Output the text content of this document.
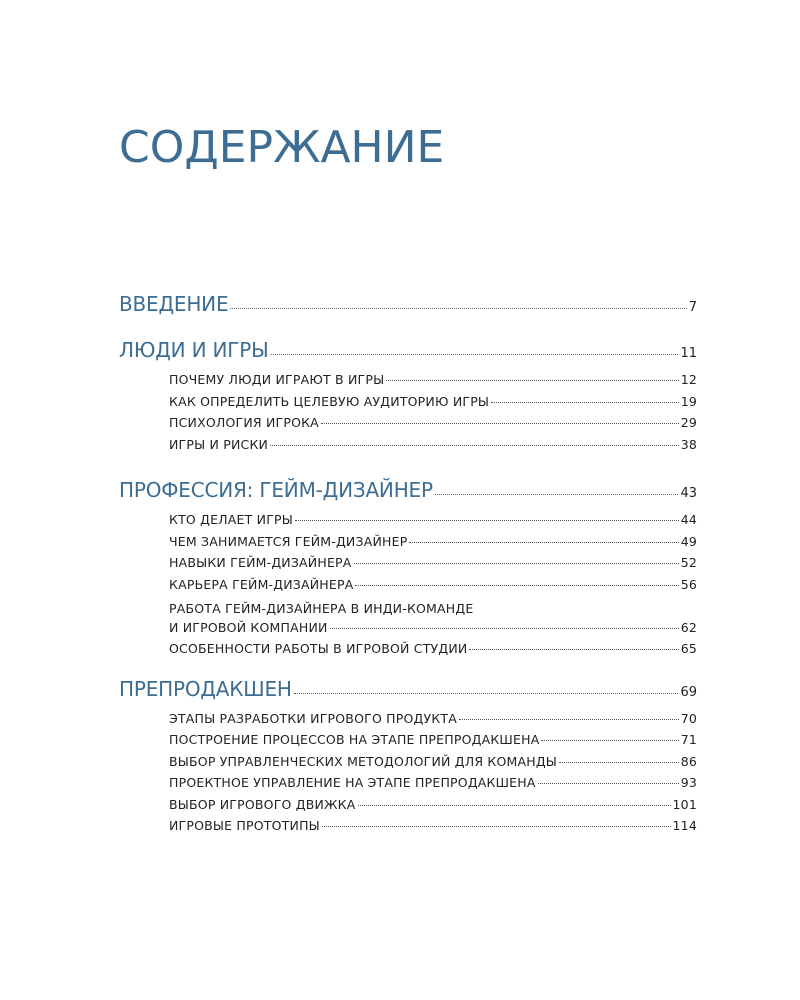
СОДЕРЖАНИЕ
ВВЕДЕНИЕ	7
ЛЮДИ И ИГРЫ	11
ПОЧЕМУ ЛЮДИ ИГРАЮТ В ИГРЫ	12
КАК ОПРЕДЕЛИТЬ ЦЕЛЕВУЮ АУДИТОРИЮ ИГРЫ	19
ПСИХОЛОГИЯ ИГРОКА	29
ИГРЫ И РИСКИ	38
ПРОФЕССИЯ: ГЕЙМ-ДИЗАЙНЕР	43
КТО ДЕЛАЕТ ИГРЫ	44
ЧЕМ ЗАНИМАЕТСЯ ГЕЙМ-ДИЗАЙНЕР	49
НАВЫКИ ГЕЙМ-ДИЗАЙНЕРА	52
КАРЬЕРА ГЕЙМ-ДИЗАЙНЕРА	56
РАБОТА ГЕЙМ-ДИЗАЙНЕРА В ИНДИ-КОМАНДЕ
И ИГРОВОЙ КОМПАНИИ	62
ОСОБЕННОСТИ РАБОТЫ В ИГРОВОЙ СТУДИИ	65
ПРЕПРОДАКШЕН	69
ЭТАПЫ РАЗРАБОТКИ ИГРОВОГО ПРОДУКТА	70
ПОСТРОЕНИЕ ПРОЦЕССОВ НА ЭТАПЕ ПРЕПРОДАКШЕНА	71
ВЫБОР УПРАВЛЕНЧЕСКИХ МЕТОДОЛОГИЙ ДЛЯ КОМАНДЫ	86
ПРОЕКТНОЕ УПРАВЛЕНИЕ НА ЭТАПЕ ПРЕПРОДАКШЕНА	93
ВЫБОР ИГРОВОГО ДВИЖКА	101
ИГРОВЫЕ ПРОТОТИПЫ	114
